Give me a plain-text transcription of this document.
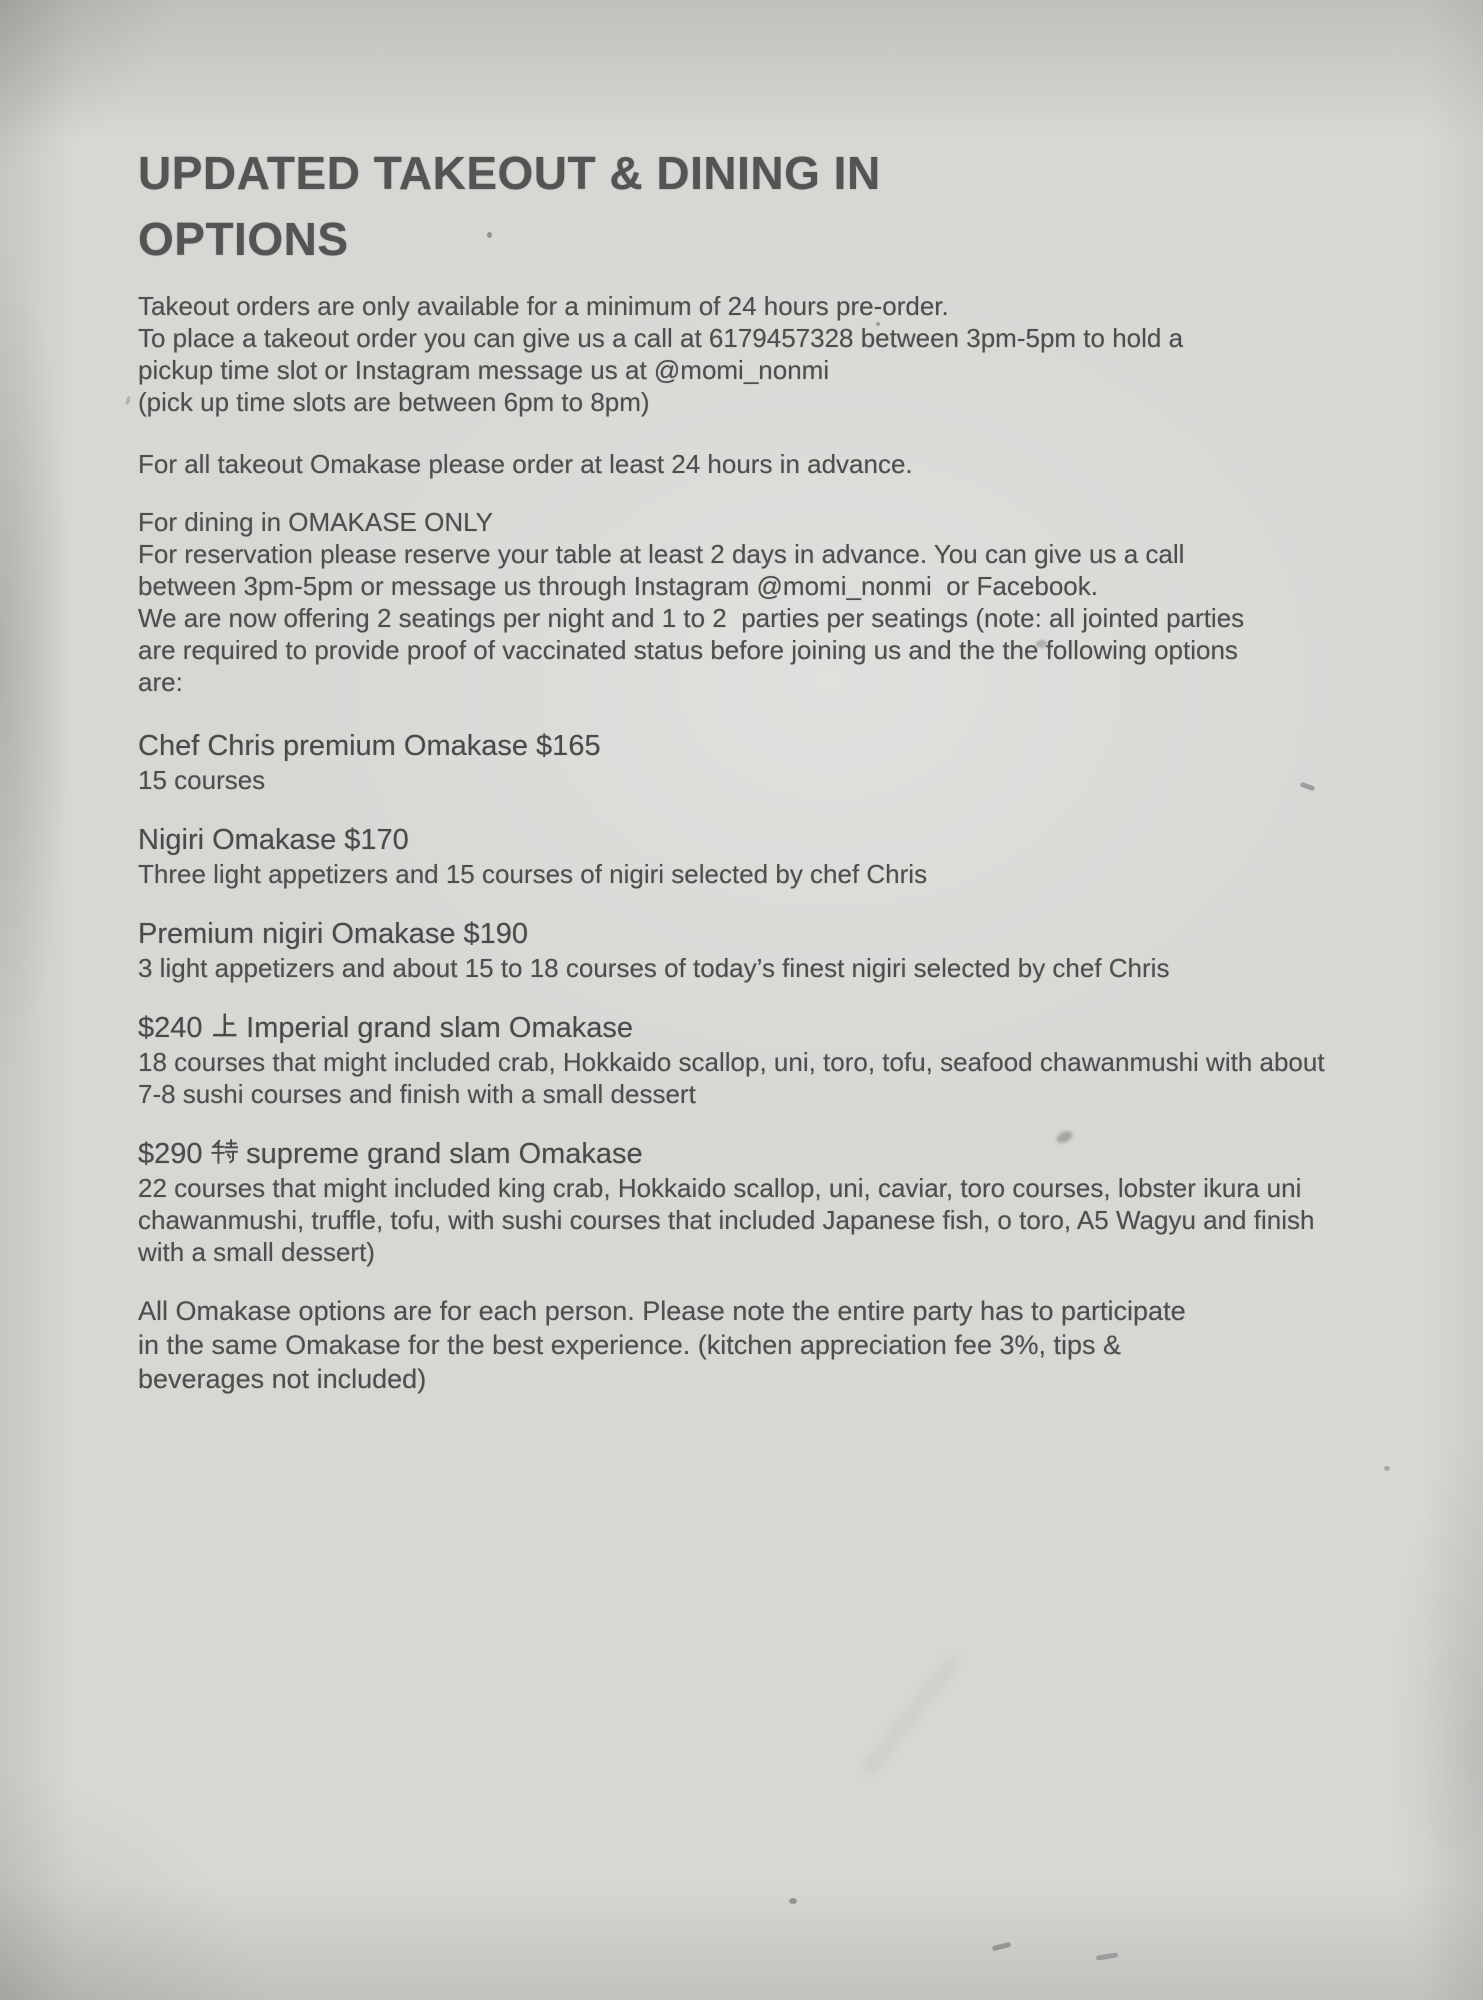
UPDATED TAKEOUT & DINING IN
OPTIONS
Takeout orders are only available for a minimum of 24 hours pre-order.
To place a takeout order you can give us a call at 6179457328 between 3pm-5pm to hold a
pickup time slot or Instagram message us at @momi_nonmi
(pick up time slots are between 6pm to 8pm)
For all takeout Omakase please order at least 24 hours in advance.
For dining in OMAKASE ONLY
For reservation please reserve your table at least 2 days in advance. You can give us a call
between 3pm-5pm or message us through Instagram @momi_nonmi  or Facebook.
We are now offering 2 seatings per night and 1 to 2  parties per seatings (note: all jointed parties
are required to provide proof of vaccinated status before joining us and the the following options
are:
Chef Chris premium Omakase $165
15 courses
Nigiri Omakase $170
Three light appetizers and 15 courses of nigiri selected by chef Chris
Premium nigiri Omakase $190
3 light appetizers and about 15 to 18 courses of today’s finest nigiri selected by chef Chris
$240
Imperial grand slam Omakase
18 courses that might included crab, Hokkaido scallop, uni, toro, tofu, seafood chawanmushi with about
7-8 sushi courses and finish with a small dessert
$290
supreme grand slam Omakase
22 courses that might included king crab, Hokkaido scallop, uni, caviar, toro courses, lobster ikura uni
chawanmushi, truffle, tofu, with sushi courses that included Japanese fish, o toro, A5 Wagyu and finish
with a small dessert)
All Omakase options are for each person. Please note the entire party has to participate
in the same Omakase for the best experience. (kitchen appreciation fee 3%, tips &
beverages not included)
